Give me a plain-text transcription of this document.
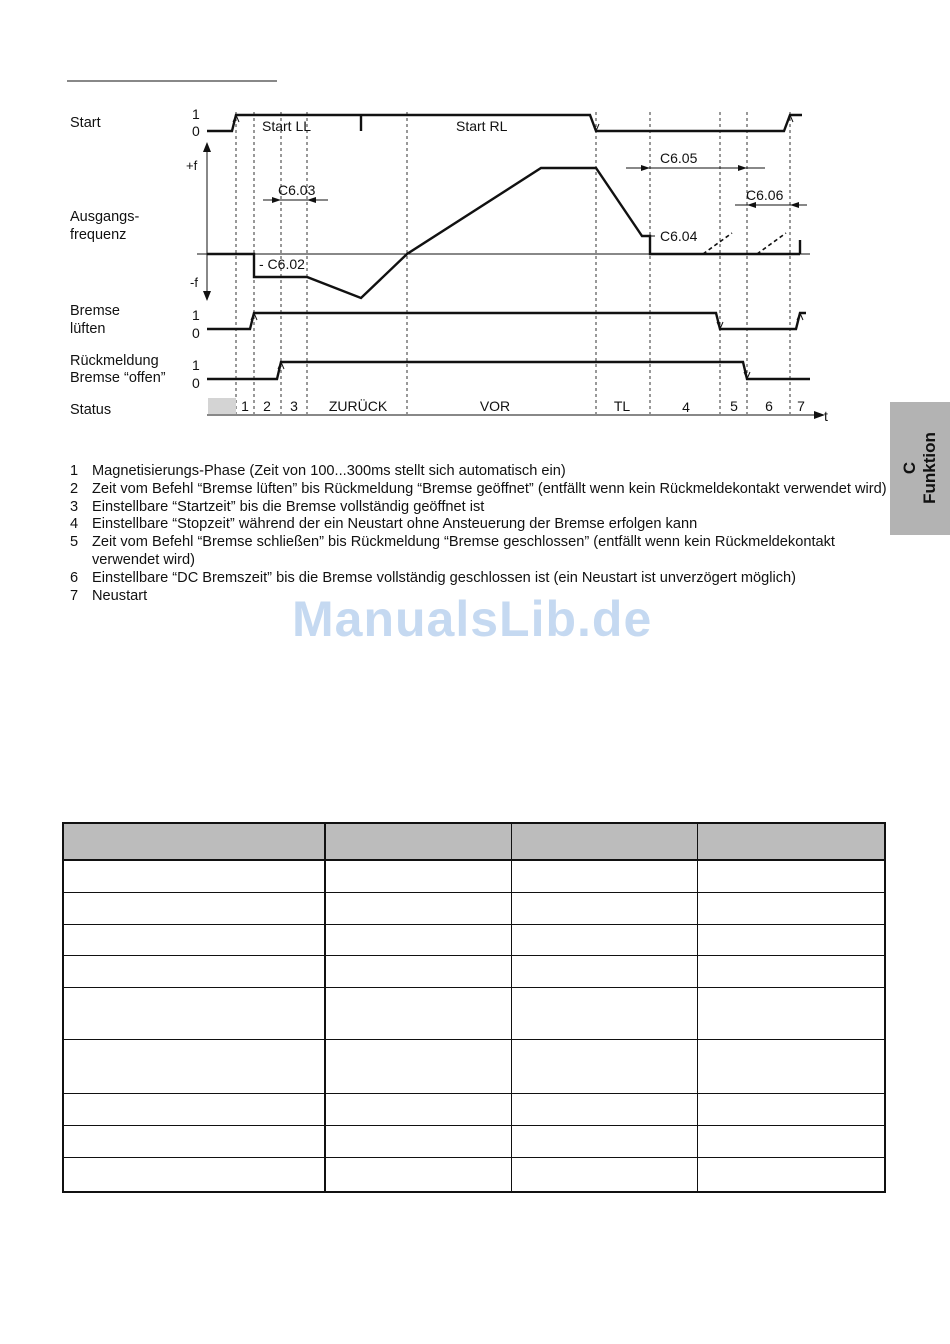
Start
Ausgangs-
frequenz
Bremse
lüften
Rückmeldung
Bremse “offen”
Status
1
0
+f
-f
1
0
1
0
Start LL	Start RL
C6.03
- C6.02
C6.05
C6.04
C6.06
t
1 2 3 ZURÜCK	VOR	TL	4	5 6 7
C Funktion
1 Magnetisierungs-Phase (Zeit von 100...300ms stellt sich automatisch ein)
2 Zeit vom Befehl “Bremse lüften” bis Rückmeldung “Bremse geöffnet” (entfällt wenn kein Rückmeldekontakt verwendet wird)
3 Einstellbare “Startzeit” bis die Bremse vollständig geöffnet ist
4 Einstellbare “Stopzeit” während der ein Neustart ohne Ansteuerung der Bremse erfolgen kann
5 Zeit vom Befehl “Bremse schließen” bis Rückmeldung “Bremse geschlossen” (entfällt wenn kein Rückmeldekontakt verwendet wird)
6 Einstellbare “DC Bremszeit” bis die Bremse vollständig geschlossen ist (ein Neustart ist unverzögert möglich)
7 Neustart	ManualsLib.de
